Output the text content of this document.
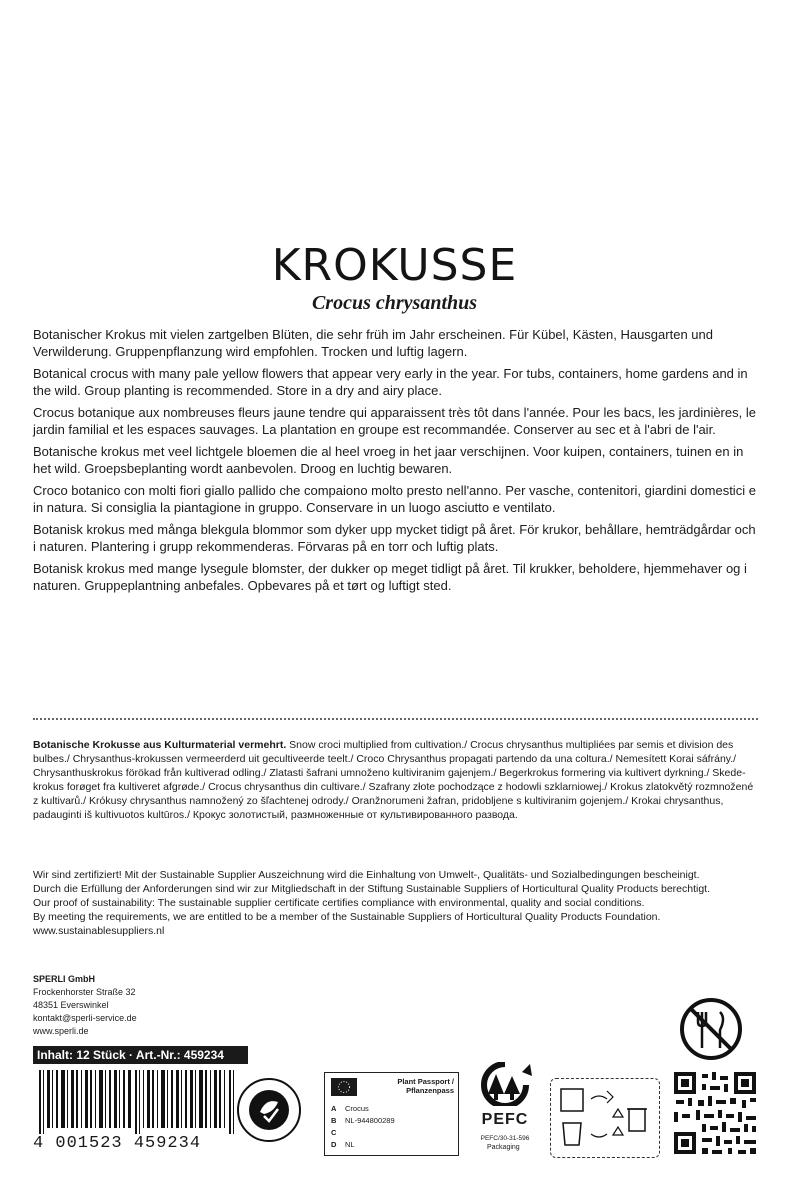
KROKUSSE
Crocus chrysanthus

Botanischer Krokus mit vielen zartgelben Blüten, die sehr früh im Jahr erscheinen. Für Kübel, Kästen, Hausgarten und Verwilderung. Gruppenpflanzung wird empfohlen. Trocken und luftig lagern.

Botanical crocus with many pale yellow flowers that appear very early in the year. For tubs, containers, home gardens and in the wild. Group planting is recommended. Store in a dry and airy place.

Crocus botanique aux nombreuses fleurs jaune tendre qui apparaissent très tôt dans l'année. Pour les bacs, les jardinières, le jardin familial et les espaces sauvages. La plantation en groupe est recommandée. Conserver au sec et à l'abri de l'air.

Botanische krokus met veel lichtgele bloemen die al heel vroeg in het jaar verschijnen. Voor kuipen, containers, tuinen en in het wild. Groepsbeplanting wordt aanbevolen. Droog en luchtig bewaren.

Croco botanico con molti fiori giallo pallido che compaiono molto presto nell'anno. Per vasche, contenitori, giardini domestici e in natura. Si consiglia la piantagione in gruppo. Conservare in un luogo asciutto e ventilato.

Botanisk krokus med många blekgula blommor som dyker upp mycket tidigt på året. För krukor, behållare, hemträdgårdar och i naturen. Plantering i grupp rekommenderas. Förvaras på en torr och luftig plats.

Botanisk krokus med mange lysegule blomster, der dukker op meget tidligt på året. Til krukker, beholdere, hjemmehaver og i naturen. Gruppeplantning anbefales. Opbevares på et tørt og luftigt sted.

Botanische Krokusse aus Kulturmaterial vermehrt. Snow croci multiplied from cultivation./ Crocus chrysanthus multipliées par semis et division des bulbes./ Chrysanthus-krokussen vermeerderd uit gecultiveerde teelt./ Croco Chrysanthus propagati partendo da una coltura./ Nemesített Korai sáfrány./ Chrysanthuskrokus förökad från kultiverad odling./ Zlatasti šafrani umnoženo kultiviranim gajenjem./ Begerkrokus formering via kultivert dyrkning./ Skede-krokus forøget fra kultiveret afgrøde./ Crocus chrysanthus din cultivare./ Szafrany złote pochodzące z hodowli szklarniowej./ Krokus zlatokvětý rozmnožené z kultivarů./ Krókusy chrysanthus namnožený zo šľachtenej odrody./ Oranžnorumeni žafran, pridobljene s kultiviranim gojenjem./ Krokai chrysanthus, padauginti iš kultivuotos kultūros./ Крокус золотистый, размноженные от культивированного развода.
Wir sind zertifiziert! Mit der Sustainable Supplier Auszeichnung wird die Einhaltung von Umwelt-, Qualitäts- und Sozialbedingungen bescheinigt.
Durch die Erfüllung der Anforderungen sind wir zur Mitgliedschaft in der Stiftung Sustainable Suppliers of Horticultural Quality Products berechtigt.
Our proof of sustainability: The sustainable supplier certificate certifies compliance with environmental, quality and social conditions.
By meeting the requirements, we are entitled to be a member of the Sustainable Suppliers of Horticultural Quality Products Foundation.
www.sustainablesuppliers.nl
SPERLI GmbH
Frockenhorster Straße 32
48351 Everswinkel
kontakt@sperli-service.de
www.sperli.de
Inhalt: 12 Stück · Art.-Nr.: 459234
4 001523 459234
Plant Passport /
Pflanzenpass
A Crocus
B NL-944800289
C
D NL
PEFC
PEFC/30-31-596
Packaging
